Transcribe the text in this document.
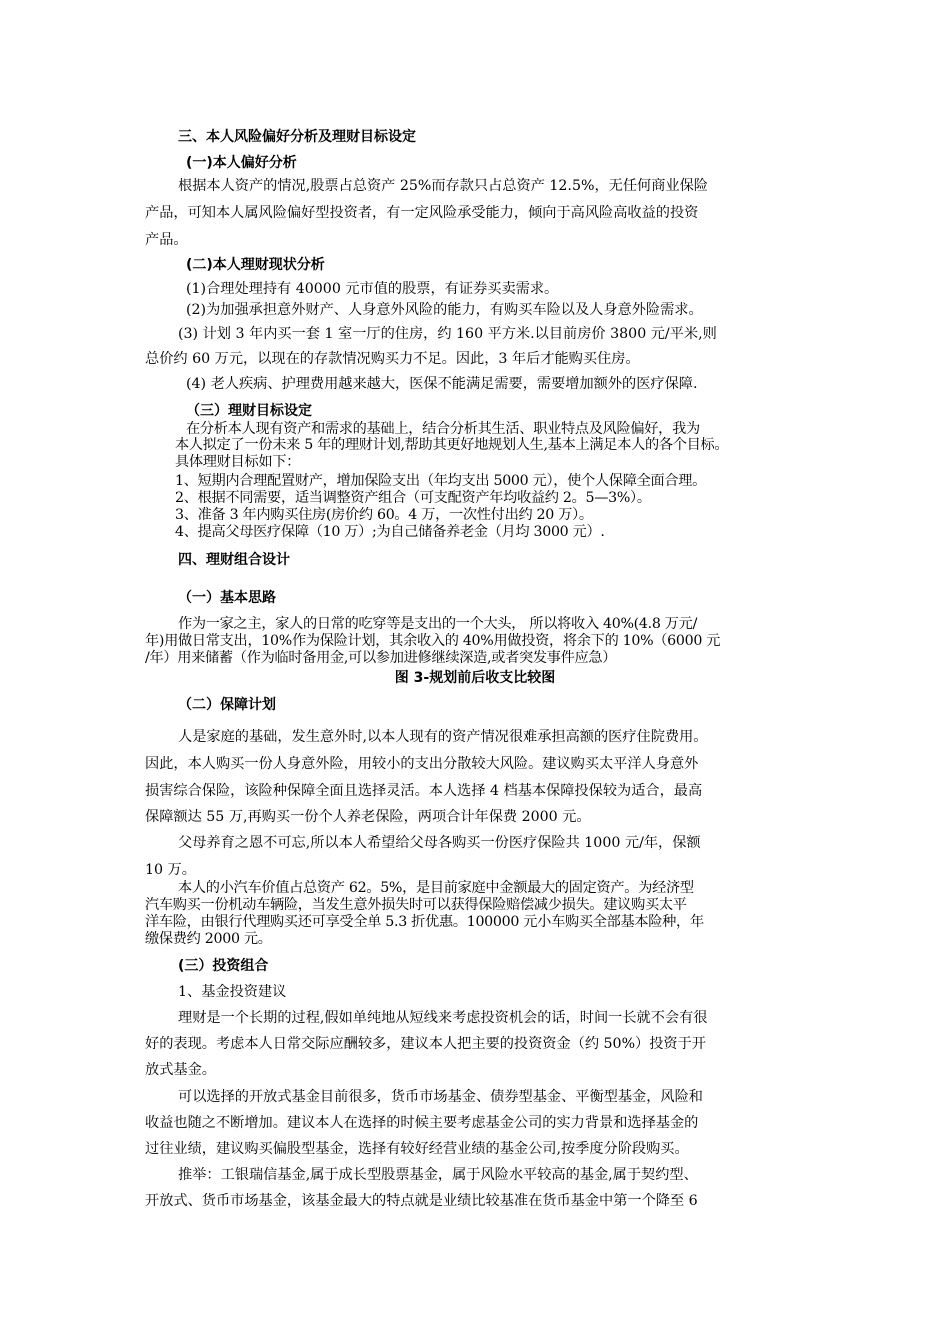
三、本人风险偏好分析及理财目标设定
(一)本人偏好分析
根据本人资产的情况,股票占总资产 25%而存款只占总资产 12.5%，无任何商业保险
产品，可知本人属风险偏好型投资者，有一定风险承受能力，倾向于高风险高收益的投资
产品。
(二)本人理财现状分析
(1)合理处理持有 40000 元市值的股票，有证券买卖需求。
(2)为加强承担意外财产、人身意外风险的能力，有购买车险以及人身意外险需求。
(3) 计划 3 年内买一套 1 室一厅的住房，约 160 平方米.以目前房价 3800 元/平米,则
总价约 60 万元，以现在的存款情况购买力不足。因此，3 年后才能购买住房。
(4) 老人疾病、护理费用越来越大，医保不能满足需要，需要增加额外的医疗保障.
（三）理财目标设定
在分析本人现有资产和需求的基础上，结合分析其生活、职业特点及风险偏好，我为
本人拟定了一份未来 5 年的理财计划,帮助其更好地规划人生,基本上满足本人的各个目标。
具体理财目标如下：
1、短期内合理配置财产，增加保险支出（年均支出 5000 元），使个人保障全面合理。
2、根据不同需要，适当调整资产组合（可支配资产年均收益约 2。5—3%）。
3、准备 3 年内购买住房(房价约 60。4 万，一次性付出约 20 万）。
4、提高父母医疗保障（10 万）;为自己储备养老金（月均 3000 元）.
四、理财组合设计
（一）基本思路
作为一家之主，家人的日常的吃穿等是支出的一个大头， 所以将收入 40%(4.8 万元/
年)用做日常支出，10%作为保险计划，其余收入的 40%用做投资，将余下的 10%（6000 元
/年）用来储蓄（作为临时备用金,可以参加进修继续深造,或者突发事件应急）
图 3-规划前后收支比较图
（二）保障计划
人是家庭的基础，发生意外时,以本人现有的资产情况很难承担高额的医疗住院费用。
因此，本人购买一份人身意外险，用较小的支出分散较大风险。建议购买太平洋人身意外
损害综合保险，该险种保障全面且选择灵活。本人选择 4 档基本保障投保较为适合，最高
保障额达 55 万,再购买一份个人养老保险，两项合计年保费 2000 元。
父母养育之恩不可忘,所以本人希望给父母各购买一份医疗保险共 1000 元/年，保额
10 万。
本人的小汽车价值占总资产 62。5%，是目前家庭中金额最大的固定资产。为经济型
汽车购买一份机动车辆险，当发生意外损失时可以获得保险赔偿减少损失。建议购买太平
洋车险，由银行代理购买还可享受全单 5.3 折优惠。100000 元小车购买全部基本险种，年
缴保费约 2000 元。
(三）投资组合
1、基金投资建议
理财是一个长期的过程,假如单纯地从短线来考虑投资机会的话，时间一长就不会有很
好的表现。考虑本人日常交际应酬较多，建议本人把主要的投资资金（约 50%）投资于开
放式基金。
可以选择的开放式基金目前很多，货币市场基金、债券型基金、平衡型基金，风险和
收益也随之不断增加。建议本人在选择的时候主要考虑基金公司的实力背景和选择基金的
过往业绩，建议购买偏股型基金，选择有较好经营业绩的基金公司,按季度分阶段购买。
推举：工银瑞信基金,属于成长型股票基金，属于风险水平较高的基金,属于契约型、
开放式、货币市场基金，该基金最大的特点就是业绩比较基准在货币基金中第一个降至 6
